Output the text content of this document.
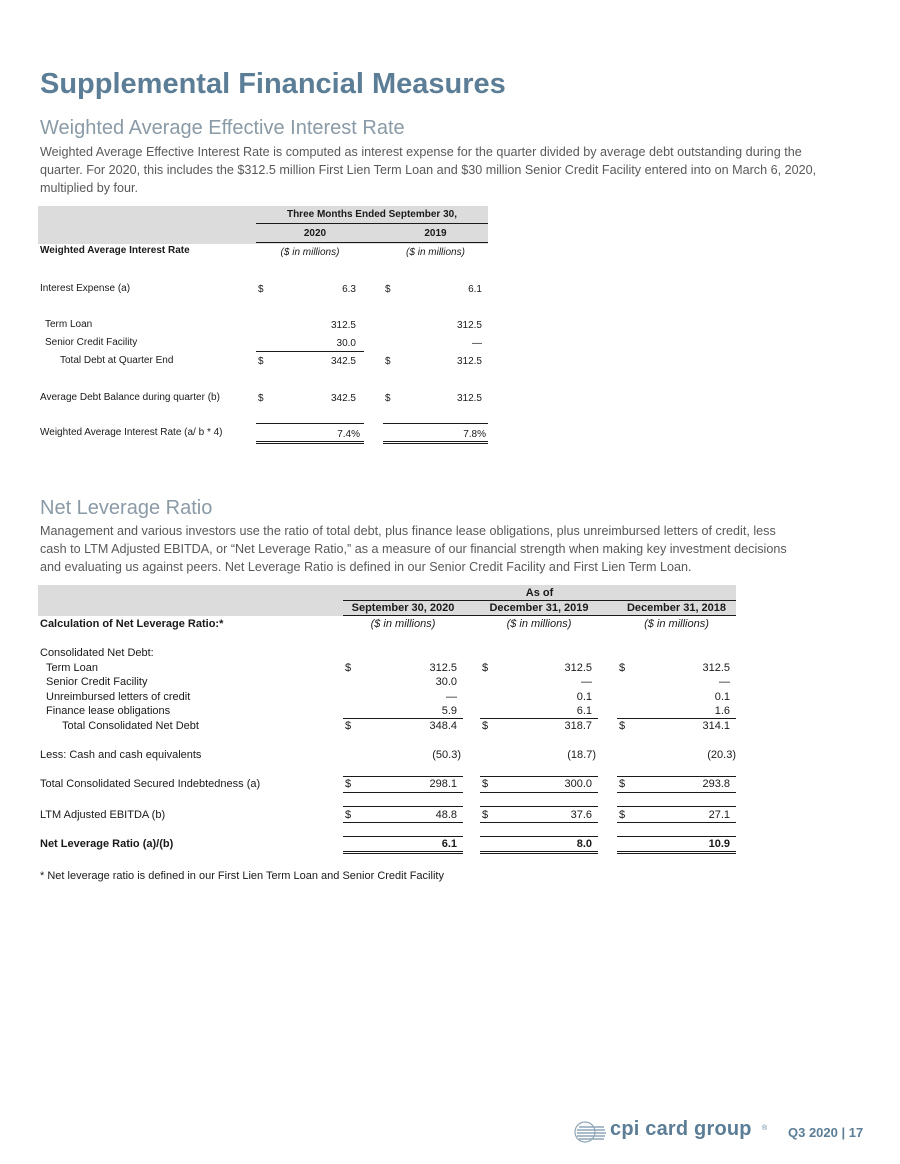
Supplemental Financial Measures
Weighted Average Effective Interest Rate
Weighted Average Effective Interest Rate is computed as interest expense for the quarter divided by average debt outstanding during the
quarter. For 2020, this includes the $312.5 million First Lien Term Loan and $30 million Senior Credit Facility entered into on March 6, 2020,
multiplied by four.
Three Months Ended September 30,
2020	2019
Weighted Average Interest Rate	($ in millions)	($ in millions)
Interest Expense (a)	$	6.3	$	6.1
Term Loan	312.5	312.5
Senior Credit Facility	30.0	—
Total Debt at Quarter End	$	342.5	$	312.5
Average Debt Balance during quarter (b)	$	342.5	$	312.5
Weighted Average Interest Rate (a/ b * 4)	7.4%	7.8%
Net Leverage Ratio
Management and various investors use the ratio of total debt, plus finance lease obligations, plus unreimbursed letters of credit, less
cash to LTM Adjusted EBITDA, or “Net Leverage Ratio,” as a measure of our financial strength when making key investment decisions
and evaluating us against peers. Net Leverage Ratio is defined in our Senior Credit Facility and First Lien Term Loan.
As of
September 30, 2020	December 31, 2019	December 31, 2018
Calculation of Net Leverage Ratio:*	($ in millions)	($ in millions)	($ in millions)
Consolidated Net Debt:
Term Loan	$	312.5 $	312.5 $	312.5
Senior Credit Facility	30.0	—	—
Unreimbursed letters of credit	—	0.1	0.1
Finance lease obligations	5.9	6.1	1.6
Total Consolidated Net Debt	$	348.4 $	318.7 $	314.1
Less: Cash and cash equivalents	(50.3)	(18.7)	(20.3)
Total Consolidated Secured Indebtedness (a)	$	298.1 $	300.0 $	293.8
LTM Adjusted EBITDA (b)	$	48.8 $	37.6 $	27.1
Net Leverage Ratio (a)/(b)	6.1	8.0	10.9
* Net leverage ratio is defined in our First Lien Term Loan and Senior Credit Facility
cpi card group ® Q3 2020 | 17
